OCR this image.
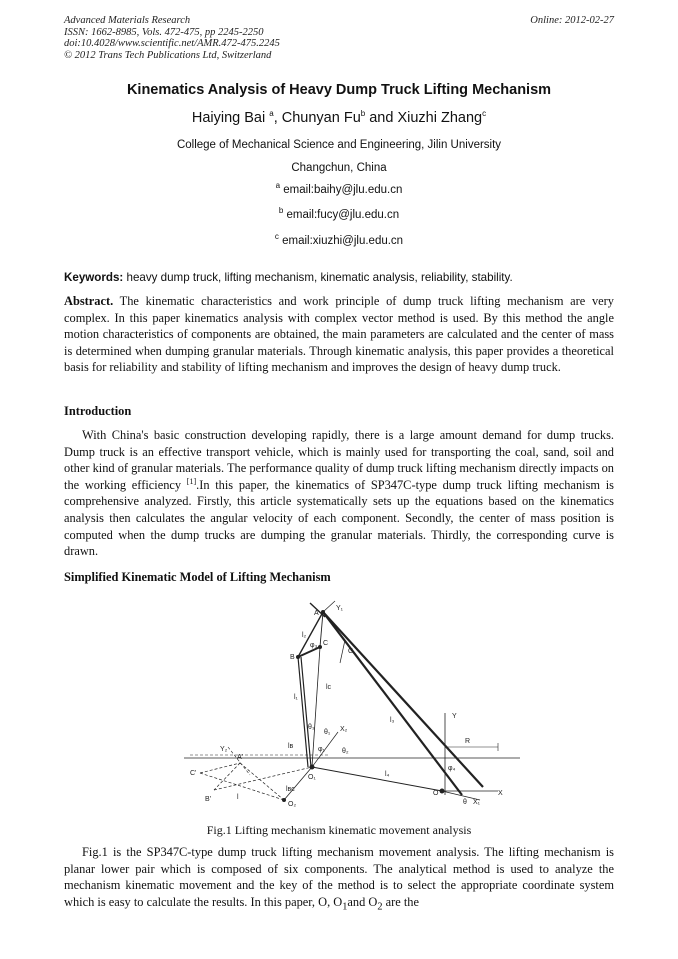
Advanced Materials Research
ISSN: 1662-8985, Vols. 472-475, pp 2245-2250
doi:10.4028/www.scientific.net/AMR.472-475.2245
© 2012 Trans Tech Publications Ltd, Switzerland
Online: 2012-02-27
Kinematics Analysis of Heavy Dump Truck Lifting Mechanism
Haiying Bai $^a$, Chunyan Fu$^b$ and Xiuzhi Zhang$^c$
College of Mechanical Science and Engineering, Jilin University
Changchun, China
$^a$ email:baihy@jlu.edu.cn
$^b$ email:fucy@jlu.edu.cn
$^c$ email:xiuzhi@jlu.edu.cn
Keywords: heavy dump truck, lifting mechanism, kinematic analysis, reliability, stability.

Abstract. The kinematic characteristics and work principle of dump truck lifting mechanism are very complex. In this paper kinematics analysis with complex vector method is used. By this method the angle motion characteristics of components are obtained, the main parameters are calculated and the center of mass is determined when dumping granular materials. Through kinematic analysis, this paper provides a theoretical basis for reliability and stability of lifting mechanism and improves the design of heavy dump truck.

Introduction

With China's basic construction developing rapidly, there is a large amount demand for dump trucks. Dump truck is an effective transport vehicle, which is mainly used for transporting the coal, sand, soil and other kind of granular materials. The performance quality of dump truck lifting mechanism directly impacts on the working efficiency [1].In this paper, the kinematics of SP347C-type dump truck lifting mechanism is comprehensive analyzed. Firstly, this article systematically sets up the equations based on the kinematics analysis then calculates the angular velocity of each component. Secondly, the center of mass position is computed when the dump trucks are dumping the granular materials. Thirdly, the corresponding curve is drawn.

Simplified Kinematic Model of Lifting Mechanism
A
Y₁
l₂
φ₃ C
B
G
l₁
lᴄ
l₃
Y
θ₃	X₂
θ₁
lʙ	φ₁ θ₂
R
Y₂
C'
A'
O₁	l₄
φ₄
X
B'	l
lʙᴄ
O₂
O
θ X₁
Fig.1 Lifting mechanism kinematic movement analysis

Fig.1 is the SP347C-type dump truck lifting mechanism movement analysis. The lifting mechanism is planar lower pair which is composed of six components. The analytical method is used to analyze the mechanism kinematic movement and the key of the method is to select the appropriate coordinate system which is easy to calculate the results. In this paper, O, $O_1and$ $O_2$ are the
